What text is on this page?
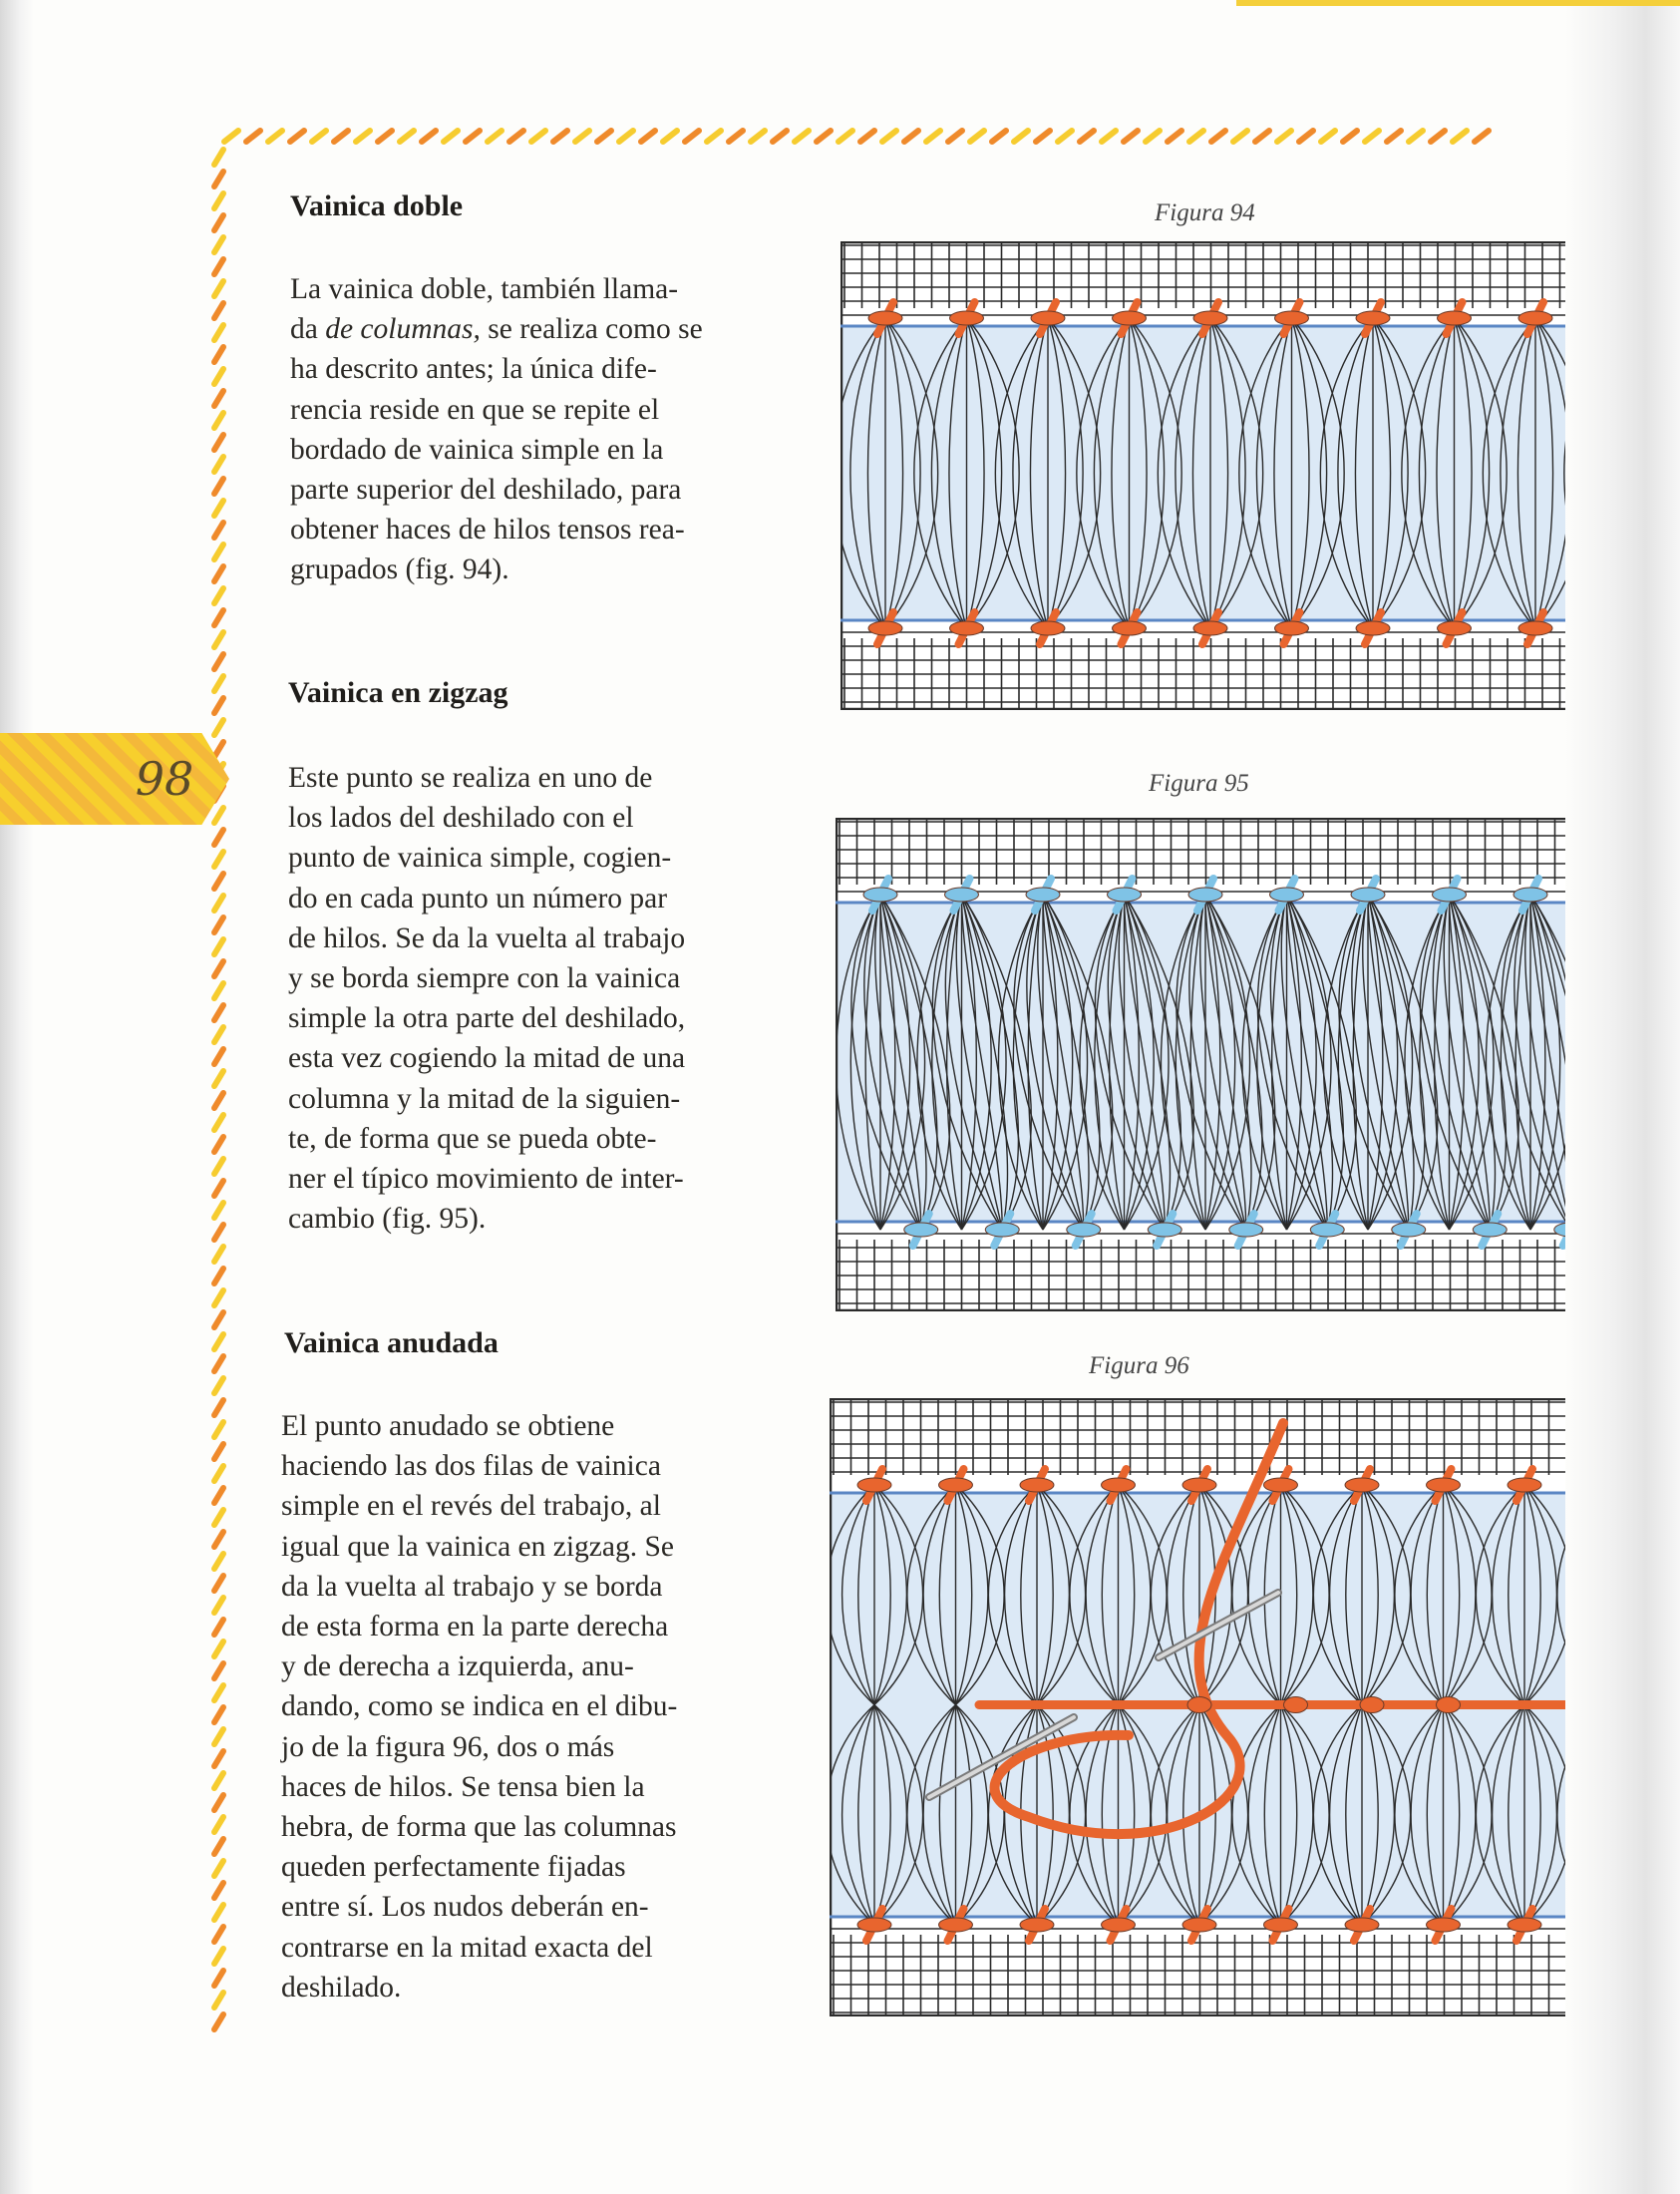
98
Vainica doble

La vainica doble, también llama-
da de columnas, se realiza como se
ha descrito antes; la única dife-
rencia reside en que se repite el
bordado de vainica simple en la
parte superior del deshilado, para
obtener haces de hilos tensos rea-
grupados (fig. 94).

Vainica en zigzag

Este punto se realiza en uno de
los lados del deshilado con el
punto de vainica simple, cogien-
do en cada punto un número par
de hilos. Se da la vuelta al trabajo
y se borda siempre con la vainica
simple la otra parte del deshilado,
esta vez cogiendo la mitad de una
columna y la mitad de la siguien-
te, de forma que se pueda obte-
ner el típico movimiento de inter-
cambio (fig. 95).

Vainica anudada

El punto anudado se obtiene
haciendo las dos filas de vainica
simple en el revés del trabajo, al
igual que la vainica en zigzag. Se
da la vuelta al trabajo y se borda
de esta forma en la parte derecha
y de derecha a izquierda, anu-
dando, como se indica en el dibu-
jo de la figura 96, dos o más
haces de hilos. Se tensa bien la
hebra, de forma que las columnas
queden perfectamente fijadas
entre sí. Los nudos deberán en-
contrarse en la mitad exacta del
deshilado.

Figura 94
Figura 95
Figura 96
